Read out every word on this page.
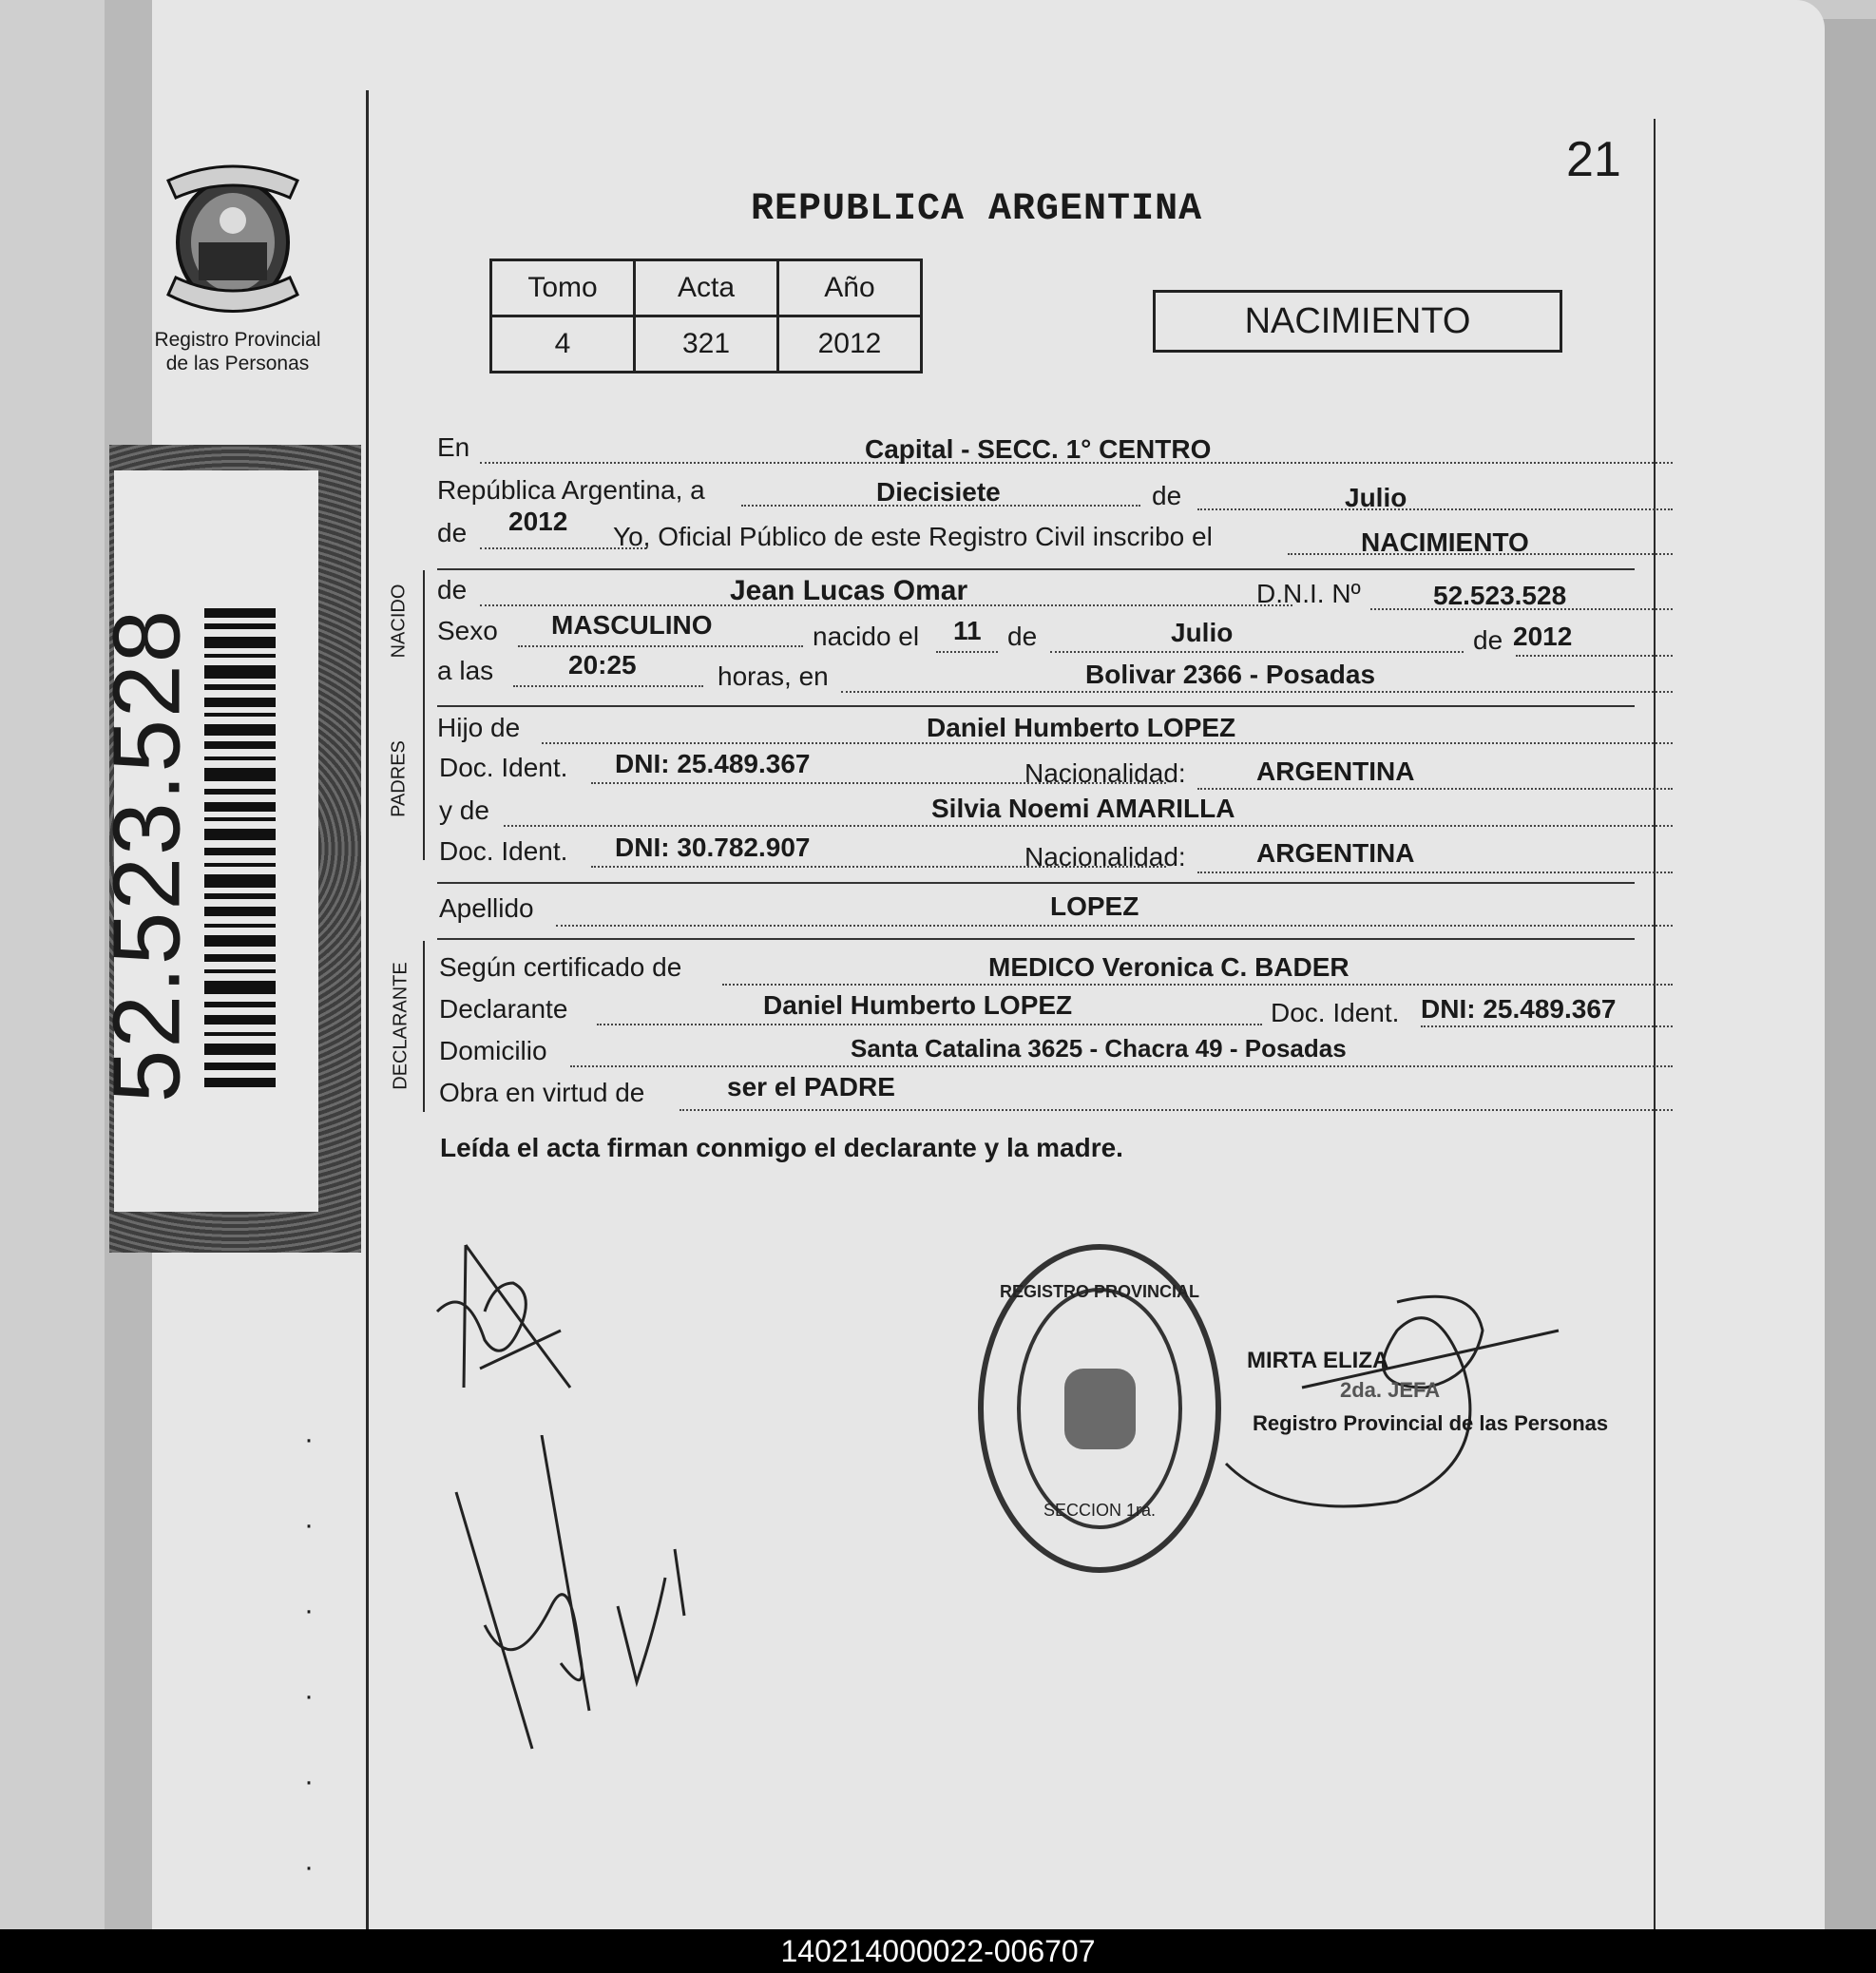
Registro Provincial
de las Personas
52.523.528
·
·
·
·
·
·
21
REPUBLICA ARGENTINA
Tomo	Acta	Año
4	321	2012
NACIMIENTO
En	Capital - SECC. 1° CENTRO
República Argentina, a	Diecisiete	de	Julio
de 2012
Yo, Oficial Público de este Registro Civil inscribo el	NACIMIENTO
NACIDO de	Jean Lucas Omar	D.N.I. Nº	52.523.528
Sexo MASCULINO	nacido el 11 de	Julio	de 2012
a las	20:25	horas, en	Bolivar 2366 - Posadas
PADRES
Hijo de	Daniel Humberto LOPEZ
Doc. Ident. DNI: 25.489.367	Nacionalidad:	ARGENTINA
y de	Silvia Noemi AMARILLA
Doc. Ident. DNI: 30.782.907	Nacionalidad:	ARGENTINA
Apellido	LOPEZ
DECLARANTE Según certificado de	MEDICO Veronica C. BADER
Declarante	Daniel Humberto LOPEZ	Doc. Ident. DNI: 25.489.367
Domicilio	Santa Catalina 3625 - Chacra 49 - Posadas
Obra en virtud de	ser el PADRE
Leída el acta firman conmigo el declarante y la madre.
REGISTRO PROVINCIAL
SECCION 1ra.
MIRTA ELIZA
2da. JEFA
Registro Provincial de las Personas
140214000022-006707
